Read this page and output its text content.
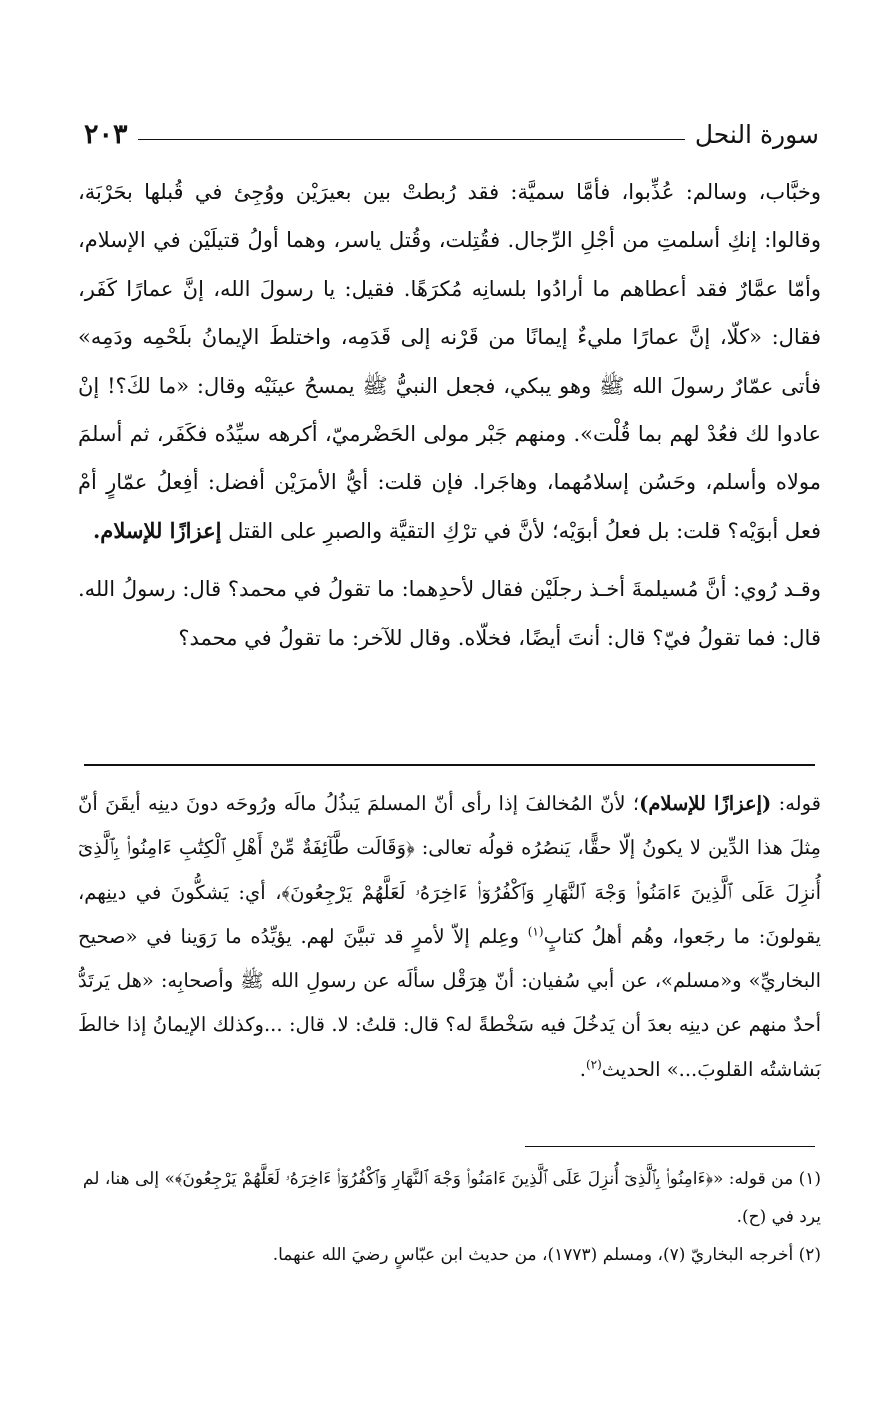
سورة النحل
٢٠٣

وخبَّاب، وسالم: عُذِّبوا، فأمَّا سميَّة: فقد رُبطتْ بين بعيرَيْن ووُجِئ في قُبلها بحَرْبَة، وقالوا: إنكِ أسلمتِ من أجْلِ الرِّجال. فقُتِلت، وقُتل ياسر، وهما أولُ قتيلَيْن في الإسلام، وأمّا عمَّارٌ فقد أعطاهم ما أرادُوا بلسانِه مُكرَهًا. فقيل: يا رسولَ الله، إنَّ عمارًا كَفَر، فقال: «كلّا، إنَّ عمارًا مليءٌ إيمانًا من قَرْنه إلى قَدَمِه، واختلطَ الإيمانُ بلَحْمِه ودَمِه» فأتى عمّارٌ رسولَ الله ﷺ وهو يبكي، فجعل النبيُّ ﷺ يمسحُ عينَيْه وقال: «ما لكَ؟! إنْ عادوا لك فعُدْ لهم بما قُلْت». ومنهم جَبْر مولى الحَضْرميّ، أكرهه سيِّدُه فكَفَر، ثم أسلمَ مولاه وأسلم، وحَسُن إسلامُهما، وهاجَرا. فإن قلت: أيُّ الأمرَيْن أفضل: أفِعلُ عمّارٍ أمْ فعل أبوَيْه؟ قلت: بل فعلُ أبوَيْه؛ لأنَّ في ترْكِ التقيَّة والصبرِ على القتل إعزازًا للإسلام.

وقـد رُوي: أنَّ مُسيلمةَ أخـذ رجلَيْن فقال لأحدِهما: ما تقولُ في محمد؟ قال: رسولُ الله. قال: فما تقولُ فيّ؟ قال: أنتَ أيضًا، فخلّاه. وقال للآخر: ما تقولُ في محمد؟

قوله: (إعزازًا للإسلام)؛ لأنّ المُخالفَ إذا رأى أنّ المسلمَ يَبذُلُ مالَه ورُوحَه دونَ دينِه أيقَنَ أنّ مِثلَ هذا الدِّين لا يكونُ إلّا حقًّا، يَنصُرُه قولُه تعالى: ﴿وَقَالَت طَّآئِفَةٌ مِّنْ أَهْلِ ٱلْكِتَٰبِ ءَامِنُوا۟ بِٱلَّذِىٓ أُنزِلَ عَلَى ٱلَّذِينَ ءَامَنُوا۟ وَجْهَ ٱلنَّهَارِ وَٱكْفُرُوٓا۟ ءَاخِرَهُۥ لَعَلَّهُمْ يَرْجِعُونَ﴾، أي: يَشكُّونَ في دينِهم، يقولونَ: ما رجَعوا، وهُم أهلُ كتابٍ$^{(١)}$ وعِلم إلاّ لأمرٍ قد تبيَّنَ لهم. يؤيِّدُه ما رَوَينا في «صحيح البخاريِّ» و«مسلم»، عن أبي سُفيان: أنّ هِرَقْل سألَه عن رسولِ الله ﷺ وأصحابِه: «هل يَرتَدُّ أحدٌ منهم عن دينِه بعدَ أن يَدخُلَ فيه سَخْطةً له؟ قال: قلتُ: لا. قال: ...وكذلك الإيمانُ إذا خالطَ بَشاشتُه القلوبَ...» الحديث$^{(٢)}$.

(١) من قوله: «﴿ءَامِنُوا۟ بِٱلَّذِىٓ أُنزِلَ عَلَى ٱلَّذِينَ ءَامَنُوا۟ وَجْهَ ٱلنَّهَارِ وَٱكْفُرُوٓا۟ ءَاخِرَهُۥ لَعَلَّهُمْ يَرْجِعُونَ﴾» إلى هنا، لم يرد في (ح).

(٢) أخرجه البخاريّ (٧)، ومسلم (١٧٧٣)، من حديث ابن عبّاسٍ رضيَ الله عنهما.
